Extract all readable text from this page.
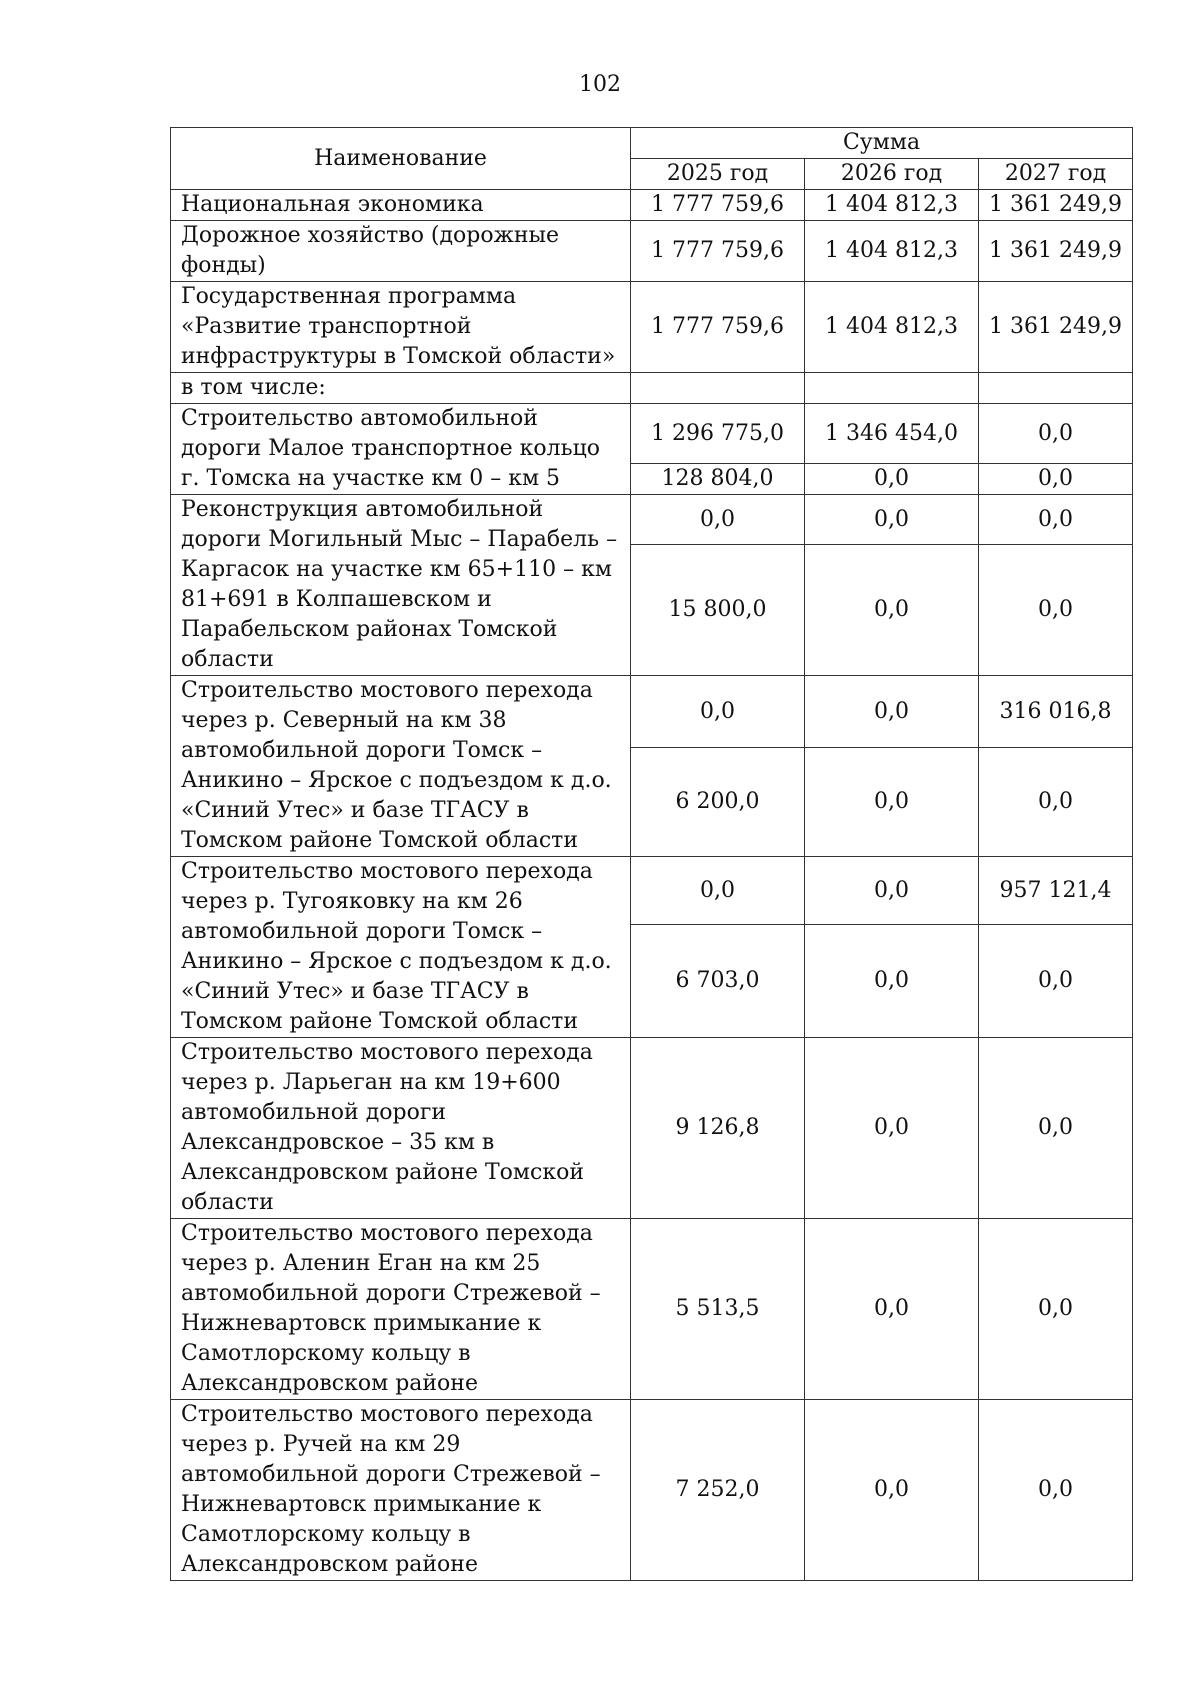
102
Наименование	Сумма		
	2025 год	2026 год	2027 год
Национальная экономика	1 777 759,6	1 404 812,3	1 361 249,9
Дорожное хозяйство (дорожные фонды)	1 777 759,6	1 404 812,3	1 361 249,9
Государственная программа «Развитие транспортной инфраструктуры в Томской области»	1 777 759,6	1 404 812,3	1 361 249,9
в том числе:			
Строительство автомобильной дороги Малое транспортное кольцо г. Томска на участке км 0 – км 5	1 296 775,0	1 346 454,0	0,0
	128 804,0	0,0	0,0
Реконструкция автомобильной дороги Могильный Мыс – Парабель – Каргасок на участке км 65+110 – км 81+691 в Колпашевском и Парабельском районах Томской области	0,0	0,0	0,0
	15 800,0	0,0	0,0
Строительство мостового перехода через р. Северный на км 38 автомобильной дороги Томск – Аникино – Ярское с подъездом к д.о. «Синий Утес» и базе ТГАСУ в Томском районе Томской области	0,0	0,0	316 016,8
	6 200,0	0,0	0,0
Строительство мостового перехода через р. Тугояковку на км 26 автомобильной дороги Томск – Аникино – Ярское с подъездом к д.о. «Синий Утес» и базе ТГАСУ в Томском районе Томской области	0,0	0,0	957 121,4
	6 703,0	0,0	0,0
Строительство мостового перехода через р. Ларьеган на км 19+600 автомобильной дороги Александровское – 35 км в Александровском районе Томской области	9 126,8	0,0	0,0
Строительство мостового перехода через р. Аленин Еган на км 25 автомобильной дороги Стрежевой – Нижневартовск примыкание к Самотлорскому кольцу в Александровском районе	5 513,5	0,0	0,0
Строительство мостового перехода через р. Ручей на км 29 автомобильной дороги Стрежевой – Нижневартовск примыкание к Самотлорскому кольцу в Александровском районе	7 252,0	0,0	0,0
